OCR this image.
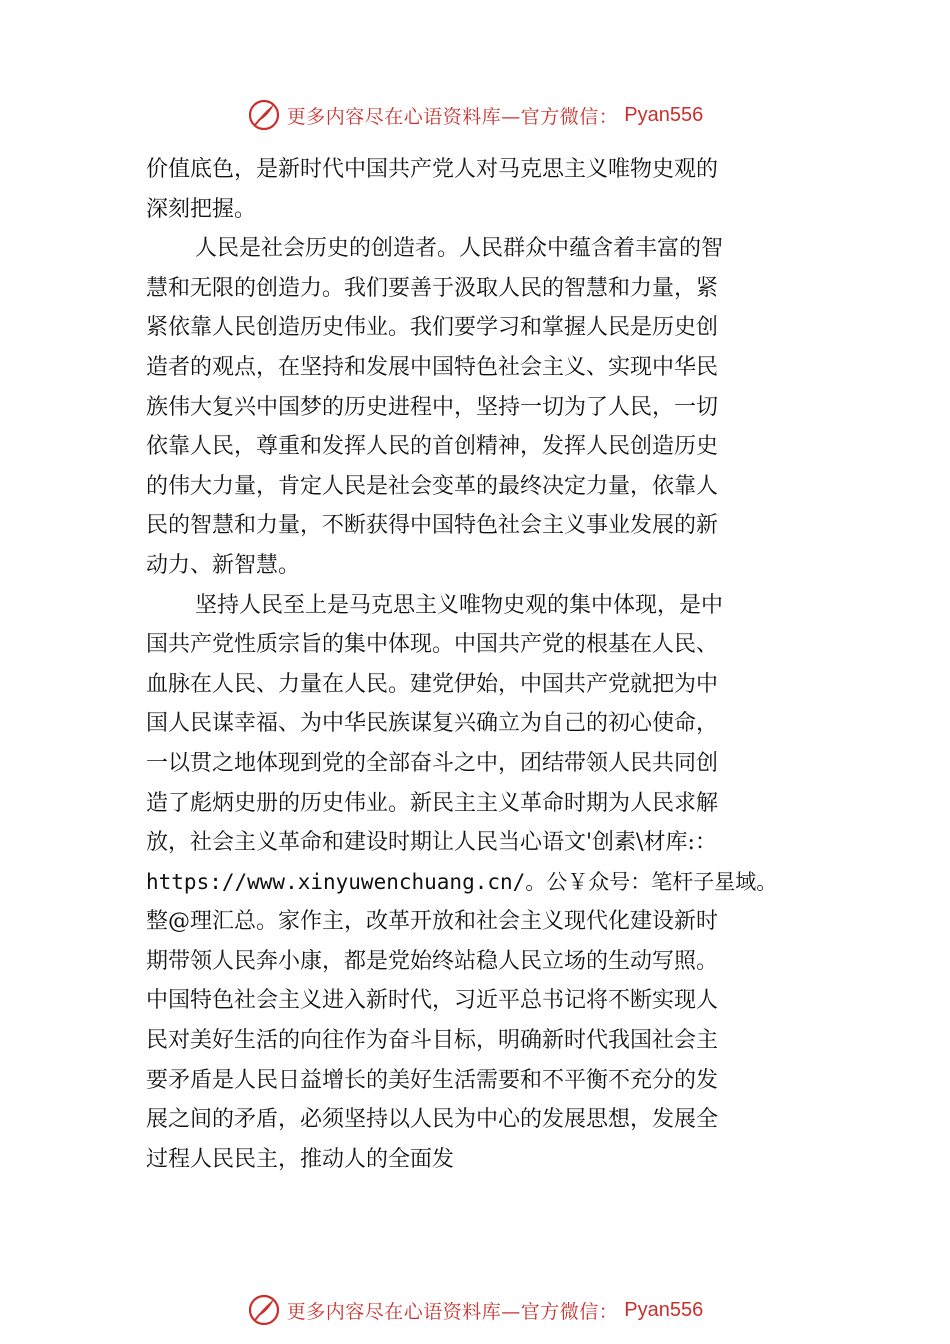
更多内容尽在心语资料库—官方微信： Pyan556
价值底色，是新时代中国共产党人对马克思主义唯物史观的
深刻把握。
人民是社会历史的创造者。人民群众中蕴含着丰富的智
慧和无限的创造力。我们要善于汲取人民的智慧和力量，紧
紧依靠人民创造历史伟业。我们要学习和掌握人民是历史创
造者的观点，在坚持和发展中国特色社会主义、实现中华民
族伟大复兴中国梦的历史进程中，坚持一切为了人民，一切
依靠人民，尊重和发挥人民的首创精神，发挥人民创造历史
的伟大力量，肯定人民是社会变革的最终决定力量，依靠人
民的智慧和力量，不断获得中国特色社会主义事业发展的新
动力、新智慧。
坚持人民至上是马克思主义唯物史观的集中体现，是中
国共产党性质宗旨的集中体现。中国共产党的根基在人民、
血脉在人民、力量在人民。建党伊始，中国共产党就把为中
国人民谋幸福、为中华民族谋复兴确立为自己的初心使命，
一以贯之地体现到党的全部奋斗之中，团结带领人民共同创
造了彪炳史册的历史伟业。新民主主义革命时期为人民求解
放，社会主义革命和建设时期让人民当心语文'创素\材库:：
https://www.xinyuwenchuang.cn/。公￥众号：笔杆子星域。
整@理汇总。家作主，改革开放和社会主义现代化建设新时
期带领人民奔小康，都是党始终站稳人民立场的生动写照。
中国特色社会主义进入新时代，习近平总书记将不断实现人
民对美好生活的向往作为奋斗目标，明确新时代我国社会主
要矛盾是人民日益增长的美好生活需要和不平衡不充分的发
展之间的矛盾，必须坚持以人民为中心的发展思想，发展全
过程人民民主，推动人的全面发
更多内容尽在心语资料库—官方微信： Pyan556
